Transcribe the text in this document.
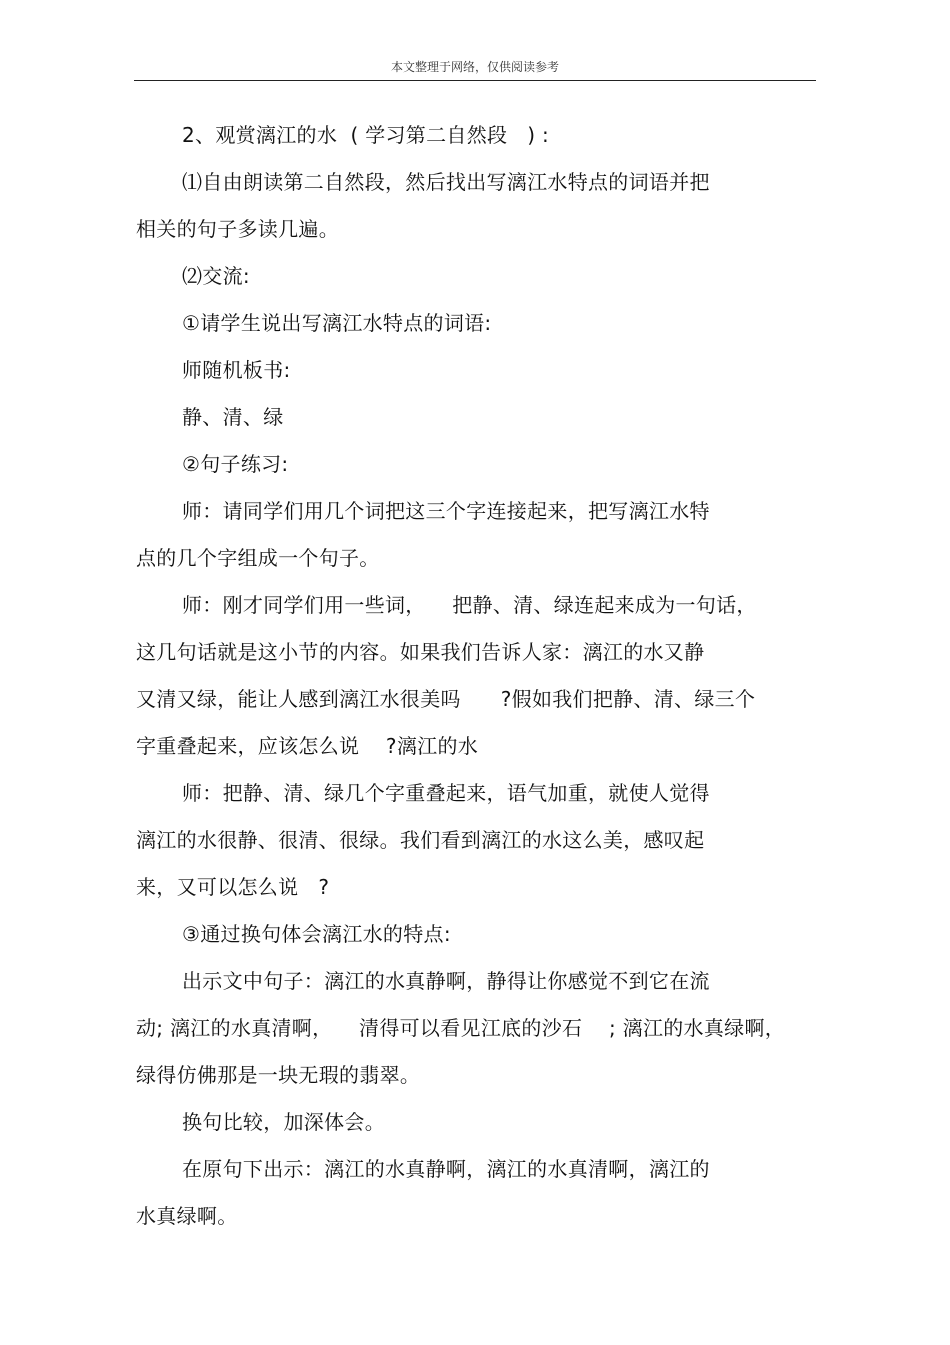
本文整理于网络，仅供阅读参考
2、观赏漓江的水  ( 学习第二自然段   ) :
⑴自由朗读第二自然段，然后找出写漓江水特点的词语并把
相关的句子多读几遍。
⑵交流:
①请学生说出写漓江水特点的词语:
师随机板书:
静、清、绿
②句子练习:
师：请同学们用几个词把这三个字连接起来，把写漓江水特
点的几个字组成一个句子。
师：刚才同学们用一些词，    把静、清、绿连起来成为一句话，
这几句话就是这小节的内容。如果我们告诉人家：漓江的水又静
又清又绿，能让人感到漓江水很美吗      ?假如我们把静、清、绿三个
字重叠起来，应该怎么说    ?漓江的水
师：把静、清、绿几个字重叠起来，语气加重，就使人觉得
漓江的水很静、很清、很绿。我们看到漓江的水这么美，感叹起
来，又可以怎么说   ?
③通过换句体会漓江水的特点:
出示文中句子：漓江的水真静啊，静得让你感觉不到它在流
动; 漓江的水真清啊，    清得可以看见江底的沙石    ; 漓江的水真绿啊，
绿得仿佛那是一块无瑕的翡翠。
换句比较，加深体会。
在原句下出示：漓江的水真静啊，漓江的水真清啊，漓江的
水真绿啊。
